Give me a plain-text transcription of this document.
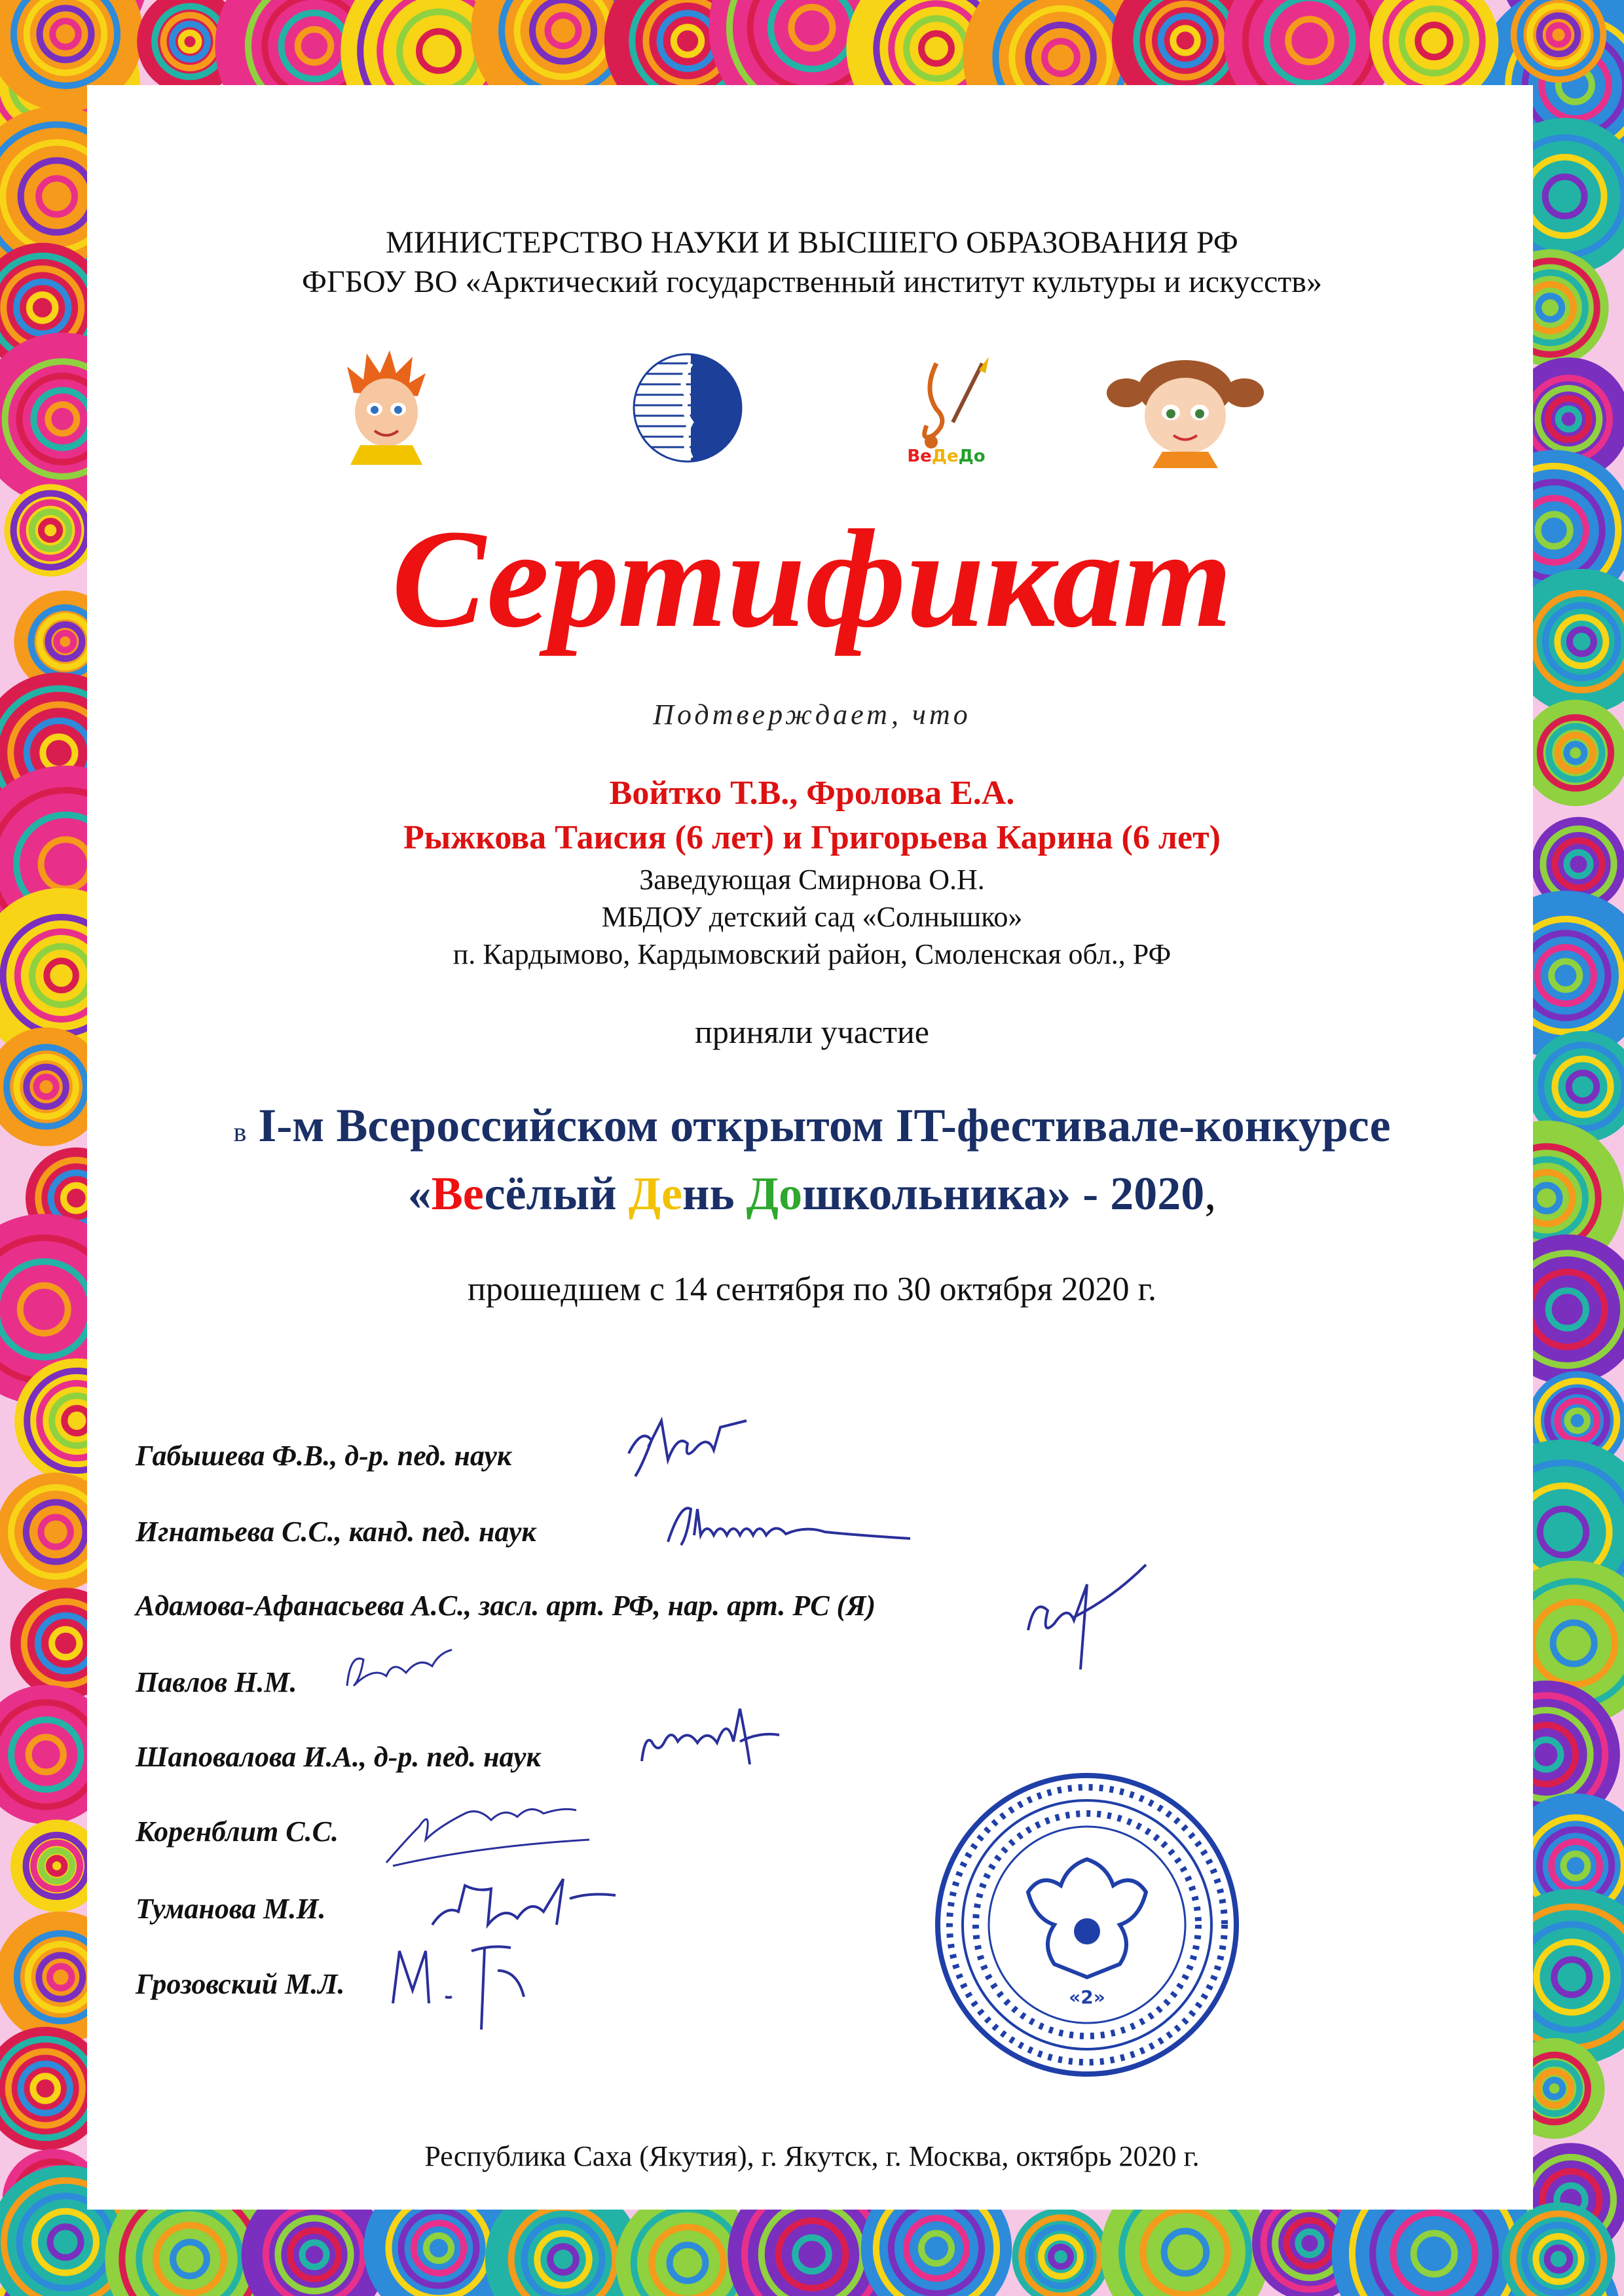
МИНИСТЕРСТВО НАУКИ И ВЫСШЕГО ОБРАЗОВАНИЯ РФ
ФГБОУ ВО «Арктический государственный институт культуры и искусств»
ВеДеДо
Сертификат
Подтверждает, что
Войтко Т.В., Фролова Е.А.
Рыжкова Таисия (6 лет) и Григорьева Карина (6 лет)
Заведующая Смирнова О.Н.
МБДОУ детский сад «Солнышко»
п. Кардымово, Кардымовский район, Смоленская обл., РФ
приняли участие
в I-м Всероссийском открытом IT-фестивале-конкурсе
«Весёлый День Дошкольника» - 2020,
прошедшем с 14 сентября по 30 октября 2020 г.
Габышева Ф.В., д-р. пед. наук
Игнатьева С.С., канд. пед. наук
Адамова-Афанасьева А.С., засл. арт. РФ, нар. арт. РС (Я)
Павлов Н.М.
Шаповалова И.А., д-р. пед. наук
Коренблит С.С.
Туманова М.И.
Грозовский М.Л.	«2»
Республика Саха (Якутия), г. Якутск, г. Москва, октябрь 2020 г.
